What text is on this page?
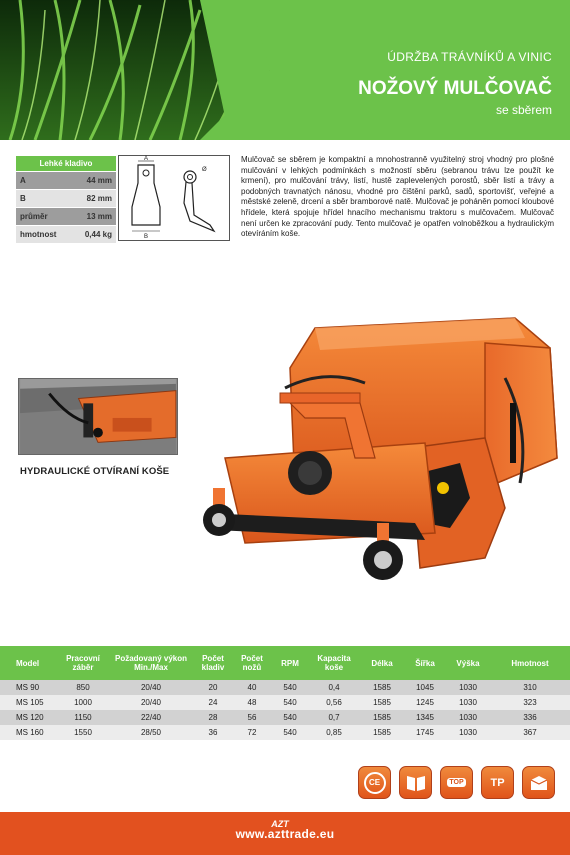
ÚDRŽBA TRÁVNÍKŮ A VINIC
NOŽOVÝ MULČOVAČ
se sběrem
Lehké kladivo	
A	44 mm
B	82 mm
průměr	13 mm
hmotnost	0,44 kg
A
B
Ø
Mulčovač se sběrem je kompaktní a mnohostranně využitelný stroj vhodný pro plošné mulčování v lehkých podmínkách s možností sběru (sebranou trávu lze použít ke krmení), pro mulčování trávy, listí, hustě zaplevelených porostů, sběr listí a trávy a podobných travnatých nánosu, vhodné pro čištění parků, sadů, sportovišť, veřejné a městské zeleně, drcení a sběr bramborové natě. Mulčovač je poháněn pomocí kloubové hřídele, která spojuje hřídel hnacího mechanismu traktoru s mulčovačem. Mulčovač není určen ke zpracování pudy. Tento mulčovač je opatřen volnoběžkou a hydraulickým otevíráním koše.
HYDRAULICKÉ OTVÍRANÍ KOŠE
Model	Pracovní záběr	Požadovaný výkon Min./Max	Počet kladiv	Počet nožů	RPM	Kapacita koše	Délka	Šířka	Výška	Hmotnost
MS 90	850	20/40	20	40	540	0,4	1585	1045	1030	310
MS 105	1000	20/40	24	48	540	0,56	1585	1245	1030	323
MS 120	1150	22/40	28	56	540	0,7	1585	1345	1030	336
MS 160	1550	28/50	36	72	540	0,85	1585	1745	1030	367
CE	TOP TP
AZT
www.azttrade.eu
